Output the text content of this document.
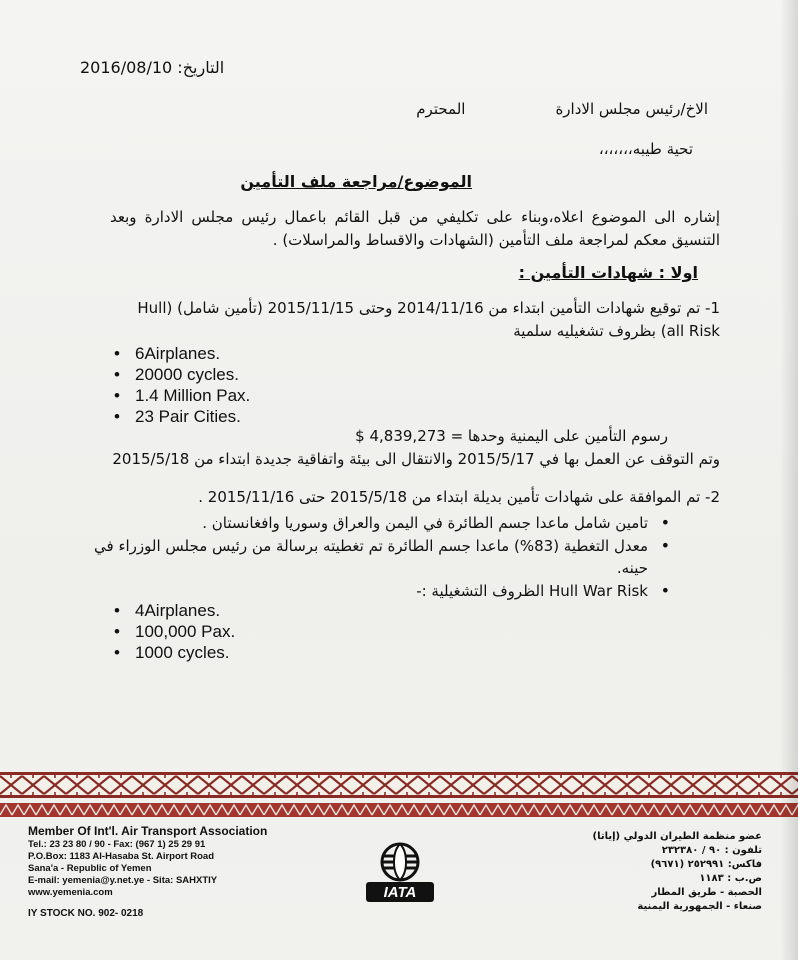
التاريخ: 2016/08/10
الاخ/رئيس مجلس الادارةالمحترم
تحية طيبه،،،،،،،
الموضوع/مراجعة ملف التأمين
إشاره الى الموضوع اعلاه،وبناء على تكليفي من قبل القائم باعمال رئيس مجلس الادارة وبعد التنسيق معكم لمراجعة ملف التأمين (الشهادات والاقساط والمراسلات) .
اولا : شهادات التأمين :
1- تم توقيع شهادات التأمين ابتداء من 2014/11/16 وحتى 2015/11/15 (تأمين شامل) (Hull all Risk) بظروف تشغيليه سلمية
• 6Airplanes.
• 20000 cycles.
• 1.4 Million Pax.
• 23 Pair Cities.
رسوم التأمين على اليمنية وحدها = 4,839,273 $
وتم التوقف عن العمل بها في 2015/5/17 والانتقال الى بيئة واتفاقية جديدة ابتداء من 2015/5/18
2- تم الموافقة على شهادات تأمين بديلة ابتداء من 2015/5/18 حتى 2015/11/16 .
• تامين شامل ماعدا جسم الطائرة في اليمن والعراق وسوريا وافغانستان .
• معدل التغطية (83%) ماعدا جسم الطائرة تم تغطيته برسالة من رئيس مجلس الوزراء في حينه.
• Hull War Risk الظروف التشغيلية :-
• 4Airplanes.
• 100,000 Pax.
• 1000 cycles.
Member Of Int'l. Air Transport Association
Tel.: 23 23 80 / 90 - Fax: (967 1) 25 29 91
P.O.Box: 1183 Al-Hasaba St. Airport Road
Sana'a - Republic of Yemen
E-mail: yemenia@y.net.ye - Sita: SAHXTIY
www.yemenia.com
IY STOCK NO. 902- 0218
IATA
عضو منظمة الطيران الدولي (إياتا)
تلفون : ٩٠ / ٢٣٢٣٨٠
فاكس: ٢٥٢٩٩١ (٩٦٧١)
ص.ب : ١١٨٣
الحصبة - طريق المطار
صنعاء - الجمهورية اليمنية
